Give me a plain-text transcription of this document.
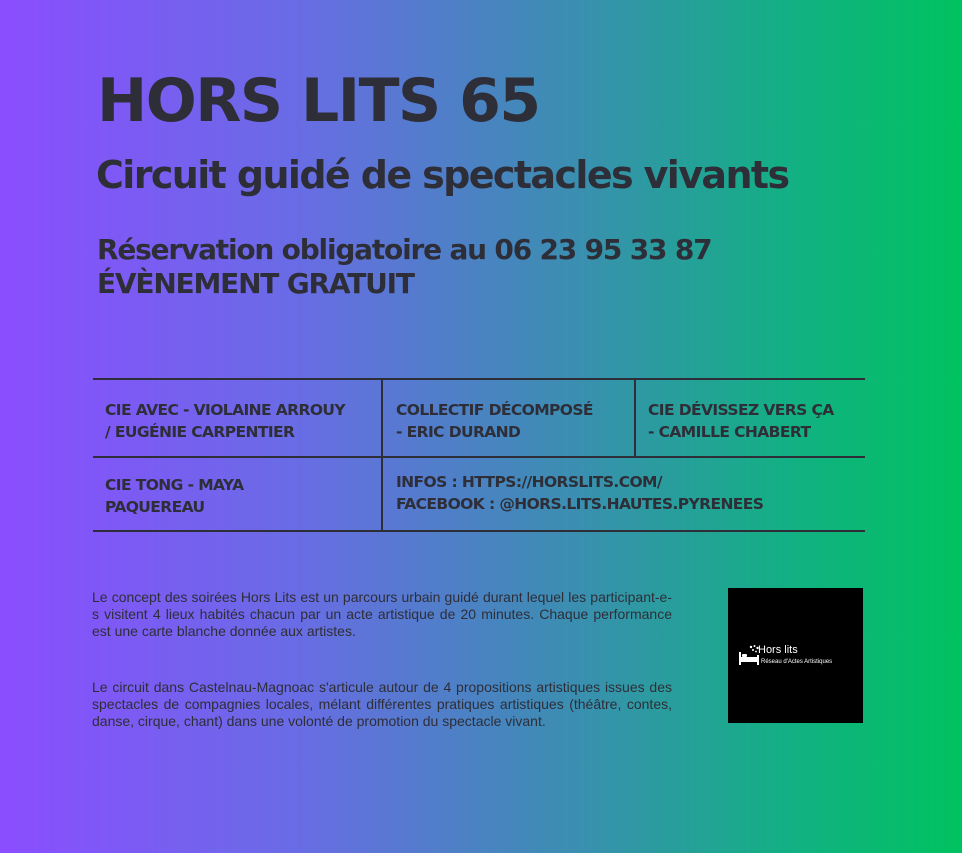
HORS LITS 65
Circuit guidé de spectacles vivants
Réservation obligatoire au 06 23 95 33 87
ÉVÈNEMENT GRATUIT
CIE AVEC - VIOLAINE ARROUY
/ EUGÉNIE CARPENTIER
COLLECTIF DÉCOMPOSÉ
- ERIC DURAND
CIE DÉVISSEZ VERS ÇA
- CAMILLE CHABERT
CIE TONG - MAYA
PAQUEREAU
INFOS : HTTPS://HORSLITS.COM/
FACEBOOK : @HORS.LITS.HAUTES.PYRENEES

Le concept des soirées Hors Lits est un parcours urbain guidé durant lequel les participant-e-s visitent 4 lieux habités chacun par un acte artistique de 20 minutes. Chaque performance est une carte blanche donnée aux artistes.

Le circuit dans Castelnau-Magnoac s'articule autour de 4 propositions artistiques issues des spectacles de compagnies locales, mélant différentes pratiques artistiques (théâtre, contes, danse, cirque, chant) dans une volonté de promotion du spectacle vivant.

Hors lits
Réseau d'Actes Artistiques
